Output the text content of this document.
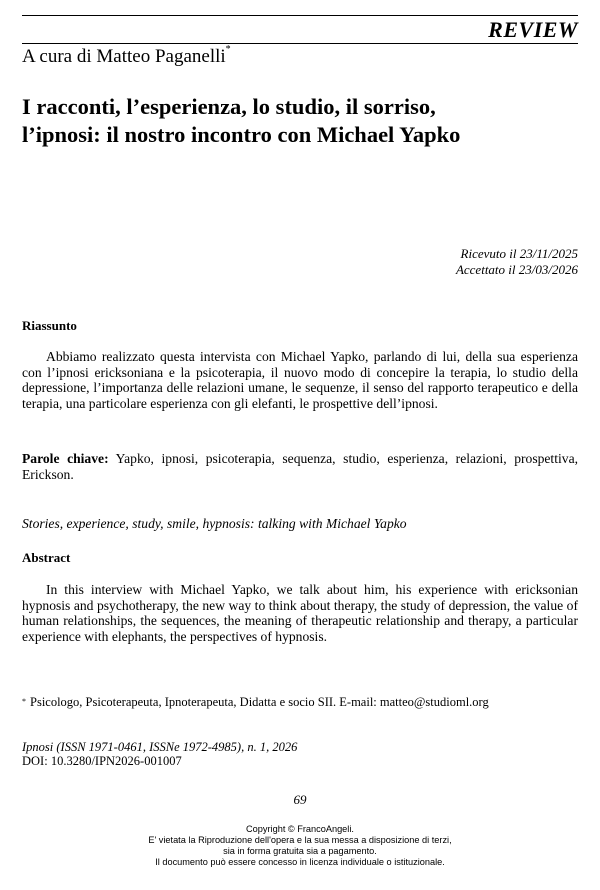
REVIEW
A cura di Matteo Paganelli*
I racconti, l’esperienza, lo studio, il sorriso,
l’ipnosi: il nostro incontro con Michael Yapko
Ricevuto il 23/11/2025
Accettato il 23/03/2026
Riassunto
Abbiamo realizzato questa intervista con Michael Yapko, parlando di lui, della sua esperienza con l’ipnosi ericksoniana e la psicoterapia, il nuovo modo di concepire la terapia, lo studio della depressione, l’importanza delle relazioni umane, le sequenze, il senso del rapporto terapeutico e della terapia, una particolare esperienza con gli elefanti, le prospettive dell’ipnosi.
Parole chiave: Yapko, ipnosi, psicoterapia, sequenza, studio, esperienza, relazioni, prospettiva, Erickson.
Stories, experience, study, smile, hypnosis: talking with Michael Yapko
Abstract
In this interview with Michael Yapko, we talk about him, his experience with ericksonian hypnosis and psychotherapy, the new way to think about therapy, the study of depression, the value of human relationships, the sequences, the meaning of therapeutic relationship and therapy, a particular experience with elephants, the perspectives of hypnosis.
* Psicologo, Psicoterapeuta, Ipnoterapeuta, Didatta e socio SII. E-mail: matteo@studioml.org
Ipnosi (ISSN 1971-0461, ISSNe 1972-4985), n. 1, 2026
DOI: 10.3280/IPN2026-001007
69
Copyright © FrancoAngeli.
E' vietata la Riproduzione dell'opera e la sua messa a disposizione di terzi,
sia in forma gratuita sia a pagamento.
Il documento può essere concesso in licenza individuale o istituzionale.
